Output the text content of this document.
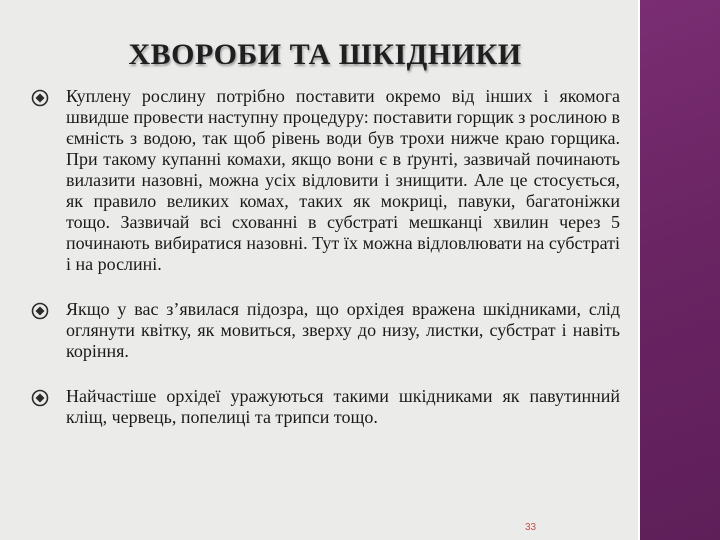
ХВОРОБИ ТА ШКІДНИКИ
Куплену рослину потрібно поставити окремо від інших і якомога швидше провести наступну процедуру: поставити горщик з рослиною в ємність з водою, так щоб рівень води був трохи нижче краю горщика. При такому купанні комахи, якщо вони є в ґрунті, зазвичай починають вилазити назовні, можна усіх відловити і знищити. Але це стосується, як правило великих комах, таких як мокриці, павуки, багатоніжки тощо. Зазвичай всі схованні в субстраті мешканці хвилин через 5 починають вибиратися назовні. Тут їх можна відловлювати на субстраті і на рослині.
Якщо у вас з’явилася підозра, що орхідея вражена шкідниками, слід оглянути квітку, як мовиться, зверху до низу, листки, субстрат і навіть коріння.
Найчастіше орхідеї уражуються такими шкідниками як павутинний кліщ, червець, попелиці та трипси тощо.
33
